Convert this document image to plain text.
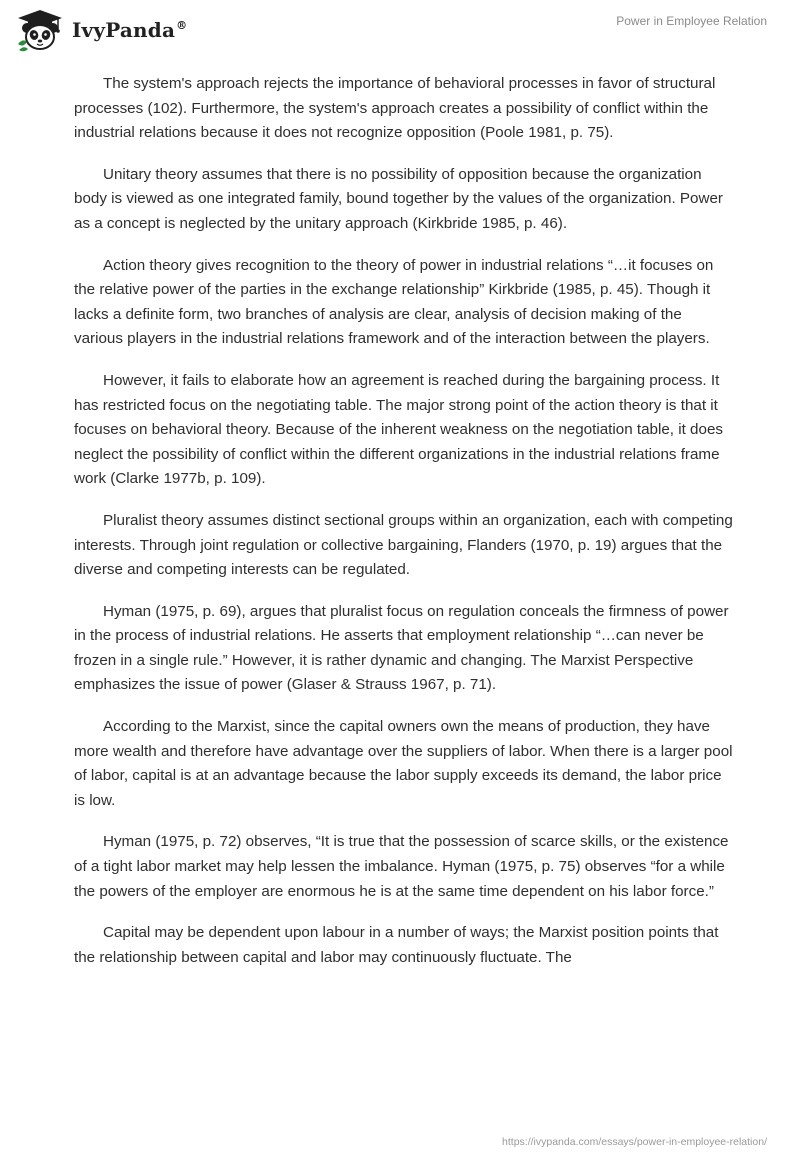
IvyPanda®	Power in Employee Relation

The system's approach rejects the importance of behavioral processes in favor of structural processes (102). Furthermore, the system's approach creates a possibility of conflict within the industrial relations because it does not recognize opposition (Poole 1981, p. 75).

Unitary theory assumes that there is no possibility of opposition because the organization body is viewed as one integrated family, bound together by the values of the organization. Power as a concept is neglected by the unitary approach (Kirkbride 1985, p. 46).

Action theory gives recognition to the theory of power in industrial relations “…it focuses on the relative power of the parties in the exchange relationship” Kirkbride (1985, p. 45). Though it lacks a definite form, two branches of analysis are clear, analysis of decision making of the various players in the industrial relations framework and of the interaction between the players.

However, it fails to elaborate how an agreement is reached during the bargaining process. It has restricted focus on the negotiating table. The major strong point of the action theory is that it focuses on behavioral theory. Because of the inherent weakness on the negotiation table, it does neglect the possibility of conflict within the different organizations in the industrial relations frame work (Clarke 1977b, p. 109).

Pluralist theory assumes distinct sectional groups within an organization, each with competing interests. Through joint regulation or collective bargaining, Flanders (1970, p. 19) argues that the diverse and competing interests can be regulated.

Hyman (1975, p. 69), argues that pluralist focus on regulation conceals the firmness of power in the process of industrial relations. He asserts that employment relationship “…can never be frozen in a single rule.” However, it is rather dynamic and changing. The Marxist Perspective emphasizes the issue of power (Glaser & Strauss 1967, p. 71).

According to the Marxist, since the capital owners own the means of production, they have more wealth and therefore have advantage over the suppliers of labor. When there is a larger pool of labor, capital is at an advantage because the labor supply exceeds its demand, the labor price is low.

Hyman (1975, p. 72) observes, “It is true that the possession of scarce skills, or the existence of a tight labor market may help lessen the imbalance. Hyman (1975, p. 75) observes “for a while the powers of the employer are enormous he is at the same time dependent on his labor force.”

Capital may be dependent upon labour in a number of ways; the Marxist position points that the relationship between capital and labor may continuously fluctuate. The

https://ivypanda.com/essays/power-in-employee-relation/
